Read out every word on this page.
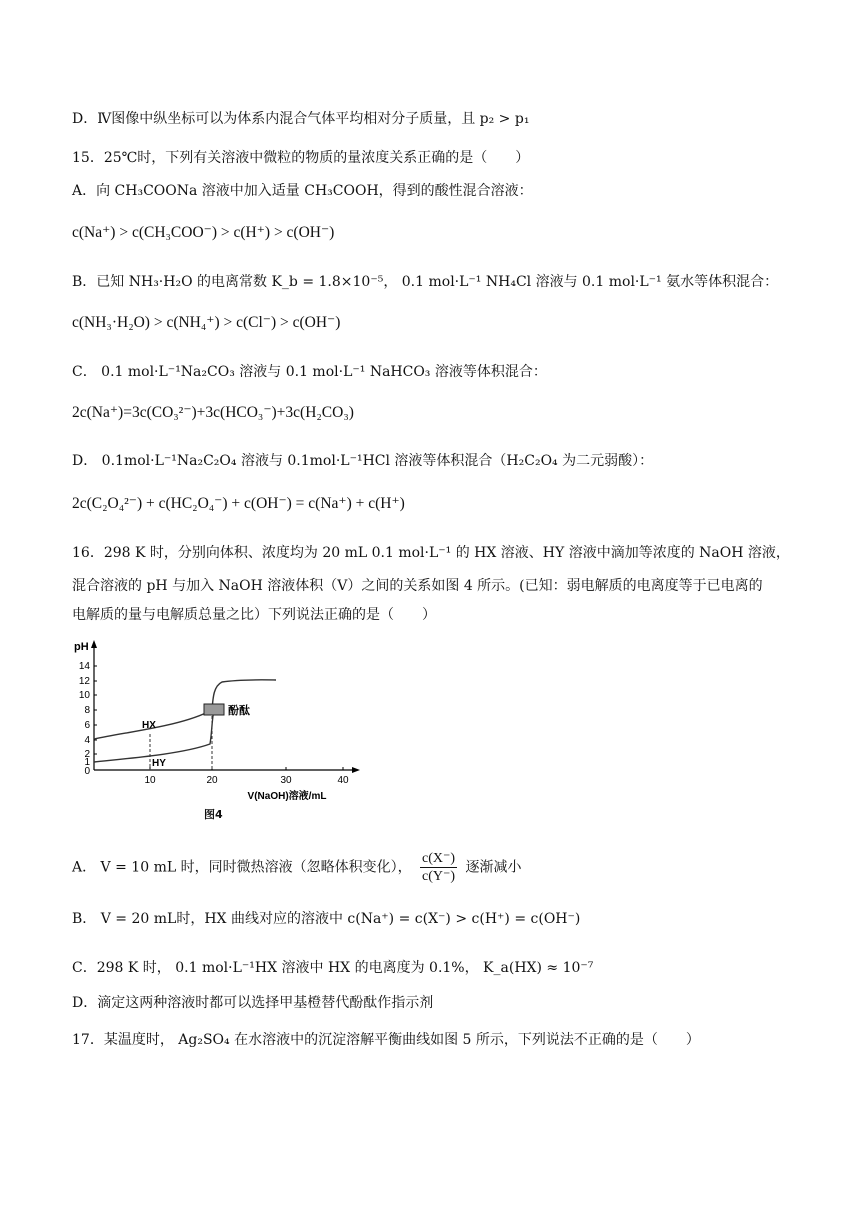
D．Ⅳ图像中纵坐标可以为体系内混合气体平均相对分子质量，且 p₂ > p₁
15．25℃时，下列有关溶液中微粒的物质的量浓度关系正确的是（　　）
A．向 CH₃COONa 溶液中加入适量 CH₃COOH，得到的酸性混合溶液：
c(Na⁺) > c(CH₃COO⁻) > c(H⁺) > c(OH⁻)
B．已知 NH₃·H₂O 的电离常数 K_b = 1.8×10⁻⁵， 0.1 mol·L⁻¹ NH₄Cl 溶液与 0.1 mol·L⁻¹ 氨水等体积混合：
c(NH₃·H₂O) > c(NH₄⁺) > c(Cl⁻) > c(OH⁻)
C． 0.1 mol·L⁻¹Na₂CO₃ 溶液与 0.1 mol·L⁻¹ NaHCO₃ 溶液等体积混合：
2c(Na⁺)=3c(CO₃²⁻)+3c(HCO₃⁻)+3c(H₂CO₃)
D． 0.1mol·L⁻¹Na₂C₂O₄ 溶液与 0.1mol·L⁻¹HCl 溶液等体积混合（H₂C₂O₄ 为二元弱酸）：
2c(C₂O₄²⁻) + c(HC₂O₄⁻) + c(OH⁻) = c(Na⁺) + c(H⁺)
16．298 K 时，分别向体积、浓度均为 20 mL 0.1 mol·L⁻¹ 的 HX 溶液、HY 溶液中滴加等浓度的 NaOH 溶液，
混合溶液的 pH 与加入 NaOH 溶液体积（V）之间的关系如图 4 所示。(已知：弱电解质的电离度等于已电离的
电解质的量与电解质总量之比）下列说法正确的是（　　）
pH
14
12
10
8
6
4
2
1
0
10	20	30	40
V(NaOH)溶液/mL
酚酞
HX
HY
图4
A． V = 10 mL 时，同时微热溶液（忽略体积变化）， $\frac{c(X^-)}{c(Y^-)}$ 逐渐减小
B． V = 20 mL时，HX 曲线对应的溶液中 c(Na⁺) = c(X⁻) > c(H⁺) = c(OH⁻)
C．298 K 时， 0.1 mol·L⁻¹HX 溶液中 HX 的电离度为 0.1%， K_a(HX) ≈ 10⁻⁷
D．滴定这两种溶液时都可以选择甲基橙替代酚酞作指示剂
17．某温度时， Ag₂SO₄ 在水溶液中的沉淀溶解平衡曲线如图 5 所示，下列说法不正确的是（　　）
